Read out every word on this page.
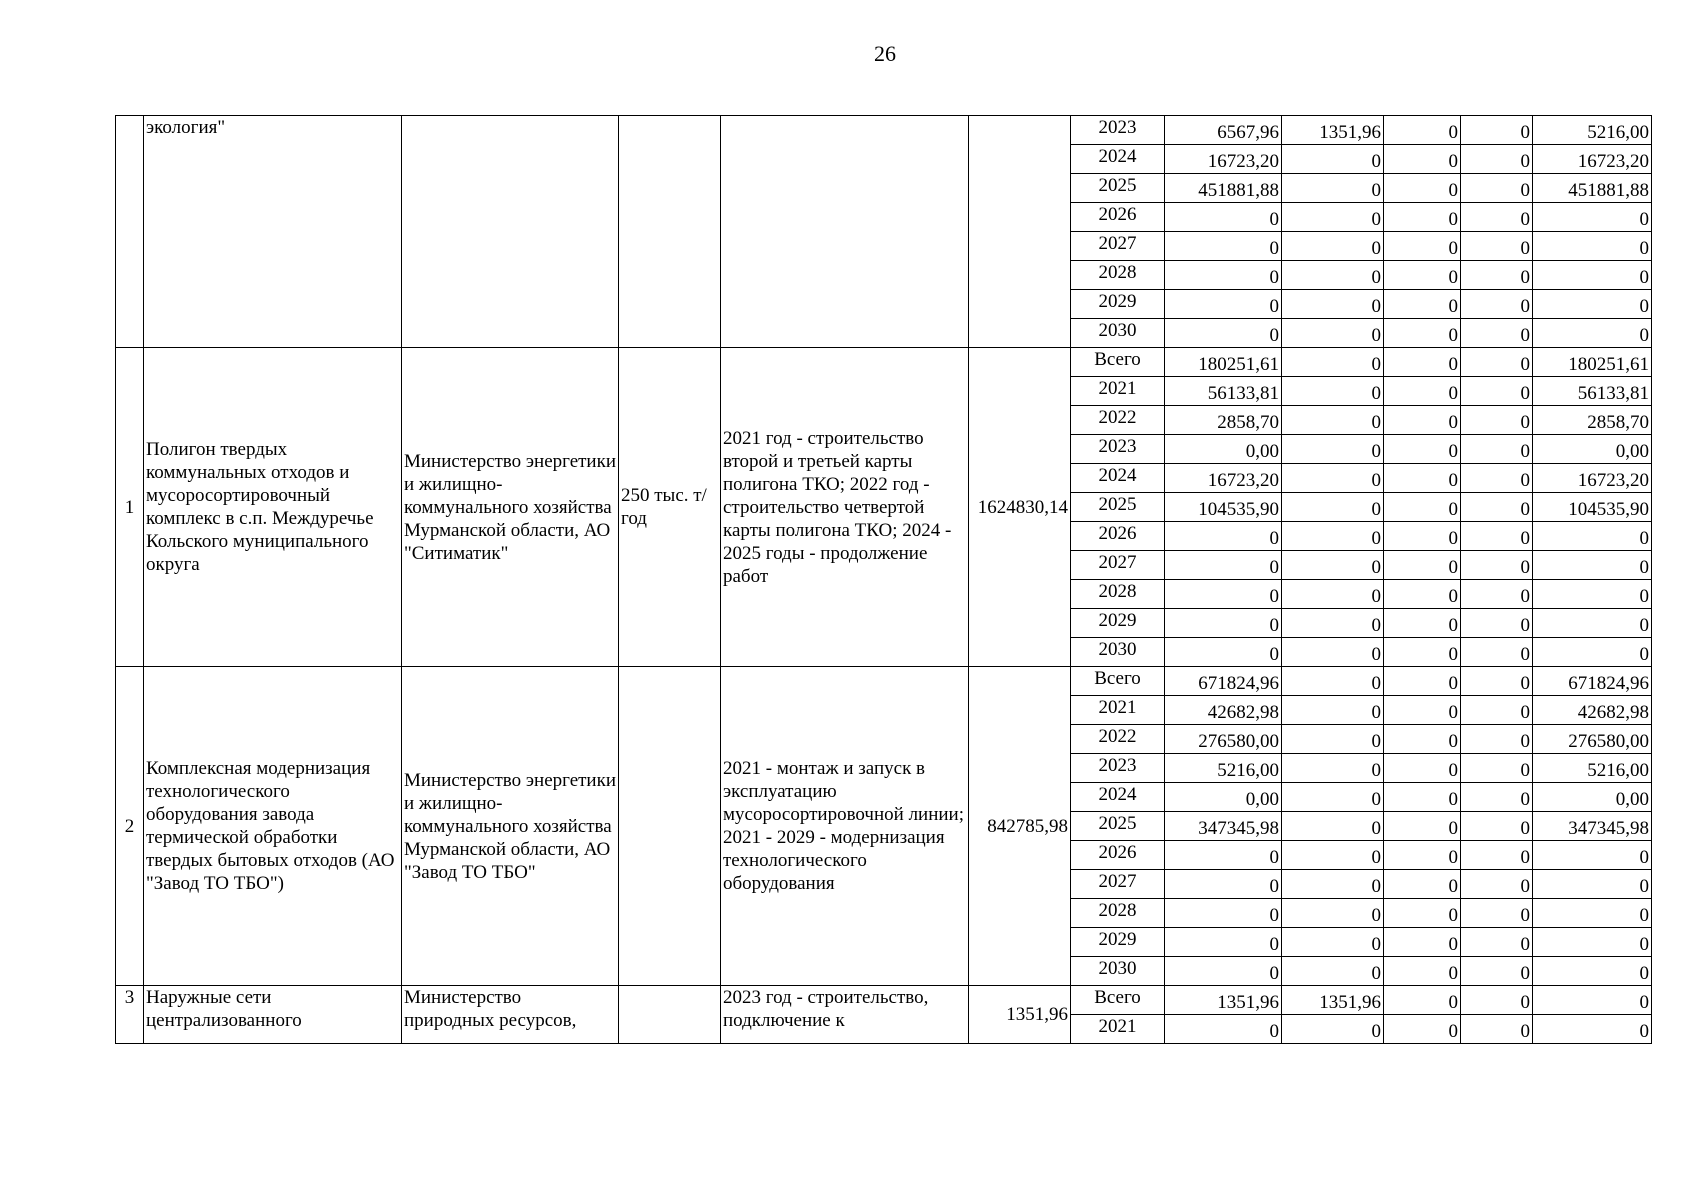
26
	экология"					2023	6567,96	1351,96	0	0	5216,00
						2024	16723,20	0	0	0	16723,20
						2025	451881,88	0	0	0	451881,88
						2026	0	0	0	0	0
						2027	0	0	0	0	0
						2028	0	0	0	0	0
						2029	0	0	0	0	0
						2030	0	0	0	0	0
1	Полигон твердых коммунальных отходов и мусоросортировочный комплекс в с.п. Междуречье Кольского муниципального округа	Министерство энергетики и жилищно-коммунального хозяйства Мурманской области, АО "Ситиматик"	250 тыс. т/год	2021 год - строительство второй и третьей карты полигона ТКО; 2022 год - строительство четвертой карты полигона ТКО; 2024 - 2025 годы - продолжение работ	1624830,14	Всего	180251,61	0	0	0	180251,61
						2021	56133,81	0	0	0	56133,81
						2022	2858,70	0	0	0	2858,70
						2023	0,00	0	0	0	0,00
						2024	16723,20	0	0	0	16723,20
						2025	104535,90	0	0	0	104535,90
						2026	0	0	0	0	0
						2027	0	0	0	0	0
						2028	0	0	0	0	0
						2029	0	0	0	0	0
						2030	0	0	0	0	0
2	Комплексная модернизация технологического оборудования завода термической обработки твердых бытовых отходов (АО "Завод ТО ТБО")	Министерство энергетики и жилищно-коммунального хозяйства Мурманской области, АО "Завод ТО ТБО"		2021 - монтаж и запуск в эксплуатацию мусоросортировочной линии; 2021 - 2029 - модернизация технологического оборудования	842785,98	Всего	671824,96	0	0	0	671824,96
						2021	42682,98	0	0	0	42682,98
						2022	276580,00	0	0	0	276580,00
						2023	5216,00	0	0	0	5216,00
						2024	0,00	0	0	0	0,00
						2025	347345,98	0	0	0	347345,98
						2026	0	0	0	0	0
						2027	0	0	0	0	0
						2028	0	0	0	0	0
						2029	0	0	0	0	0
						2030	0	0	0	0	0
3	Наружные сети централизованного	Министерство природных ресурсов,		2023 год - строительство, подключение к	1351,96	Всего	1351,96	1351,96	0	0	0
						2021	0	0	0	0	0
